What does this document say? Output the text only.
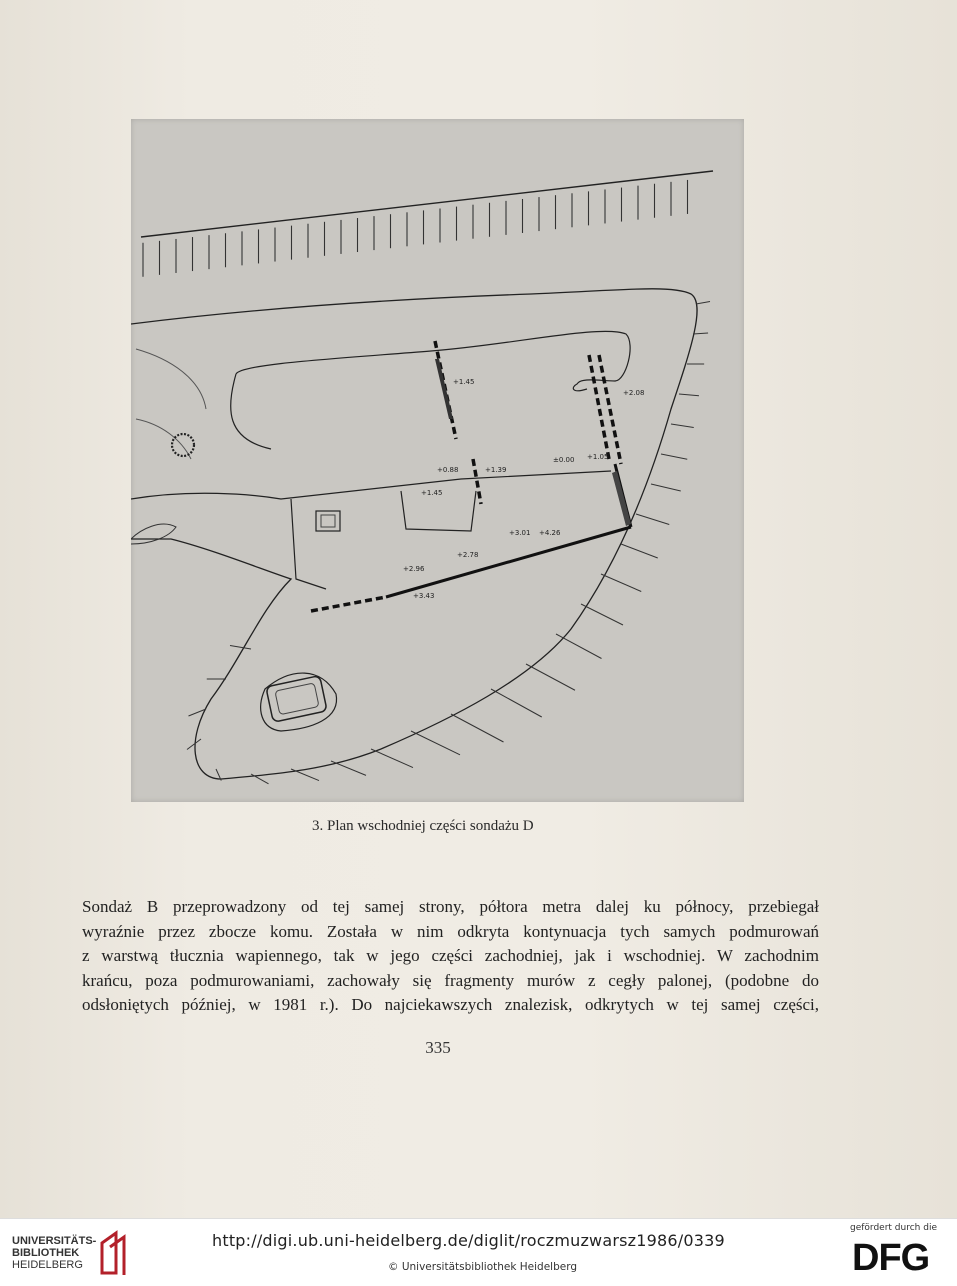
+1.45
+2.08
+0.88	+1.39
±0.00 +1.05
+1.45
+3.01 +4.26
+2.78
+2.96
+3.43
3. Plan wschodniej części sondażu D
Sondaż B przeprowadzony od tej samej strony, półtora metra dalej ku północy, przebiegał
wyraźnie przez zbocze komu. Została w nim odkryta kontynuacja tych samych podmurowań
z warstwą tłucznia wapiennego, tak w jego części zachodniej, jak i wschodniej. W zachodnim
krańcu, poza podmurowaniami, zachowały się fragmenty murów z cegły palonej, (podobne do
odsłoniętych później, w 1981 r.). Do najciekawszych znalezisk, odkrytych w tej samej części,
335
UNIVERSITÄTS-
BIBLIOTHEK
HEIDELBERG
http://digi.ub.uni-heidelberg.de/diglit/roczmuzwarsz1986/0339
© Universitätsbibliothek Heidelberg
gefördert durch die
DFG
